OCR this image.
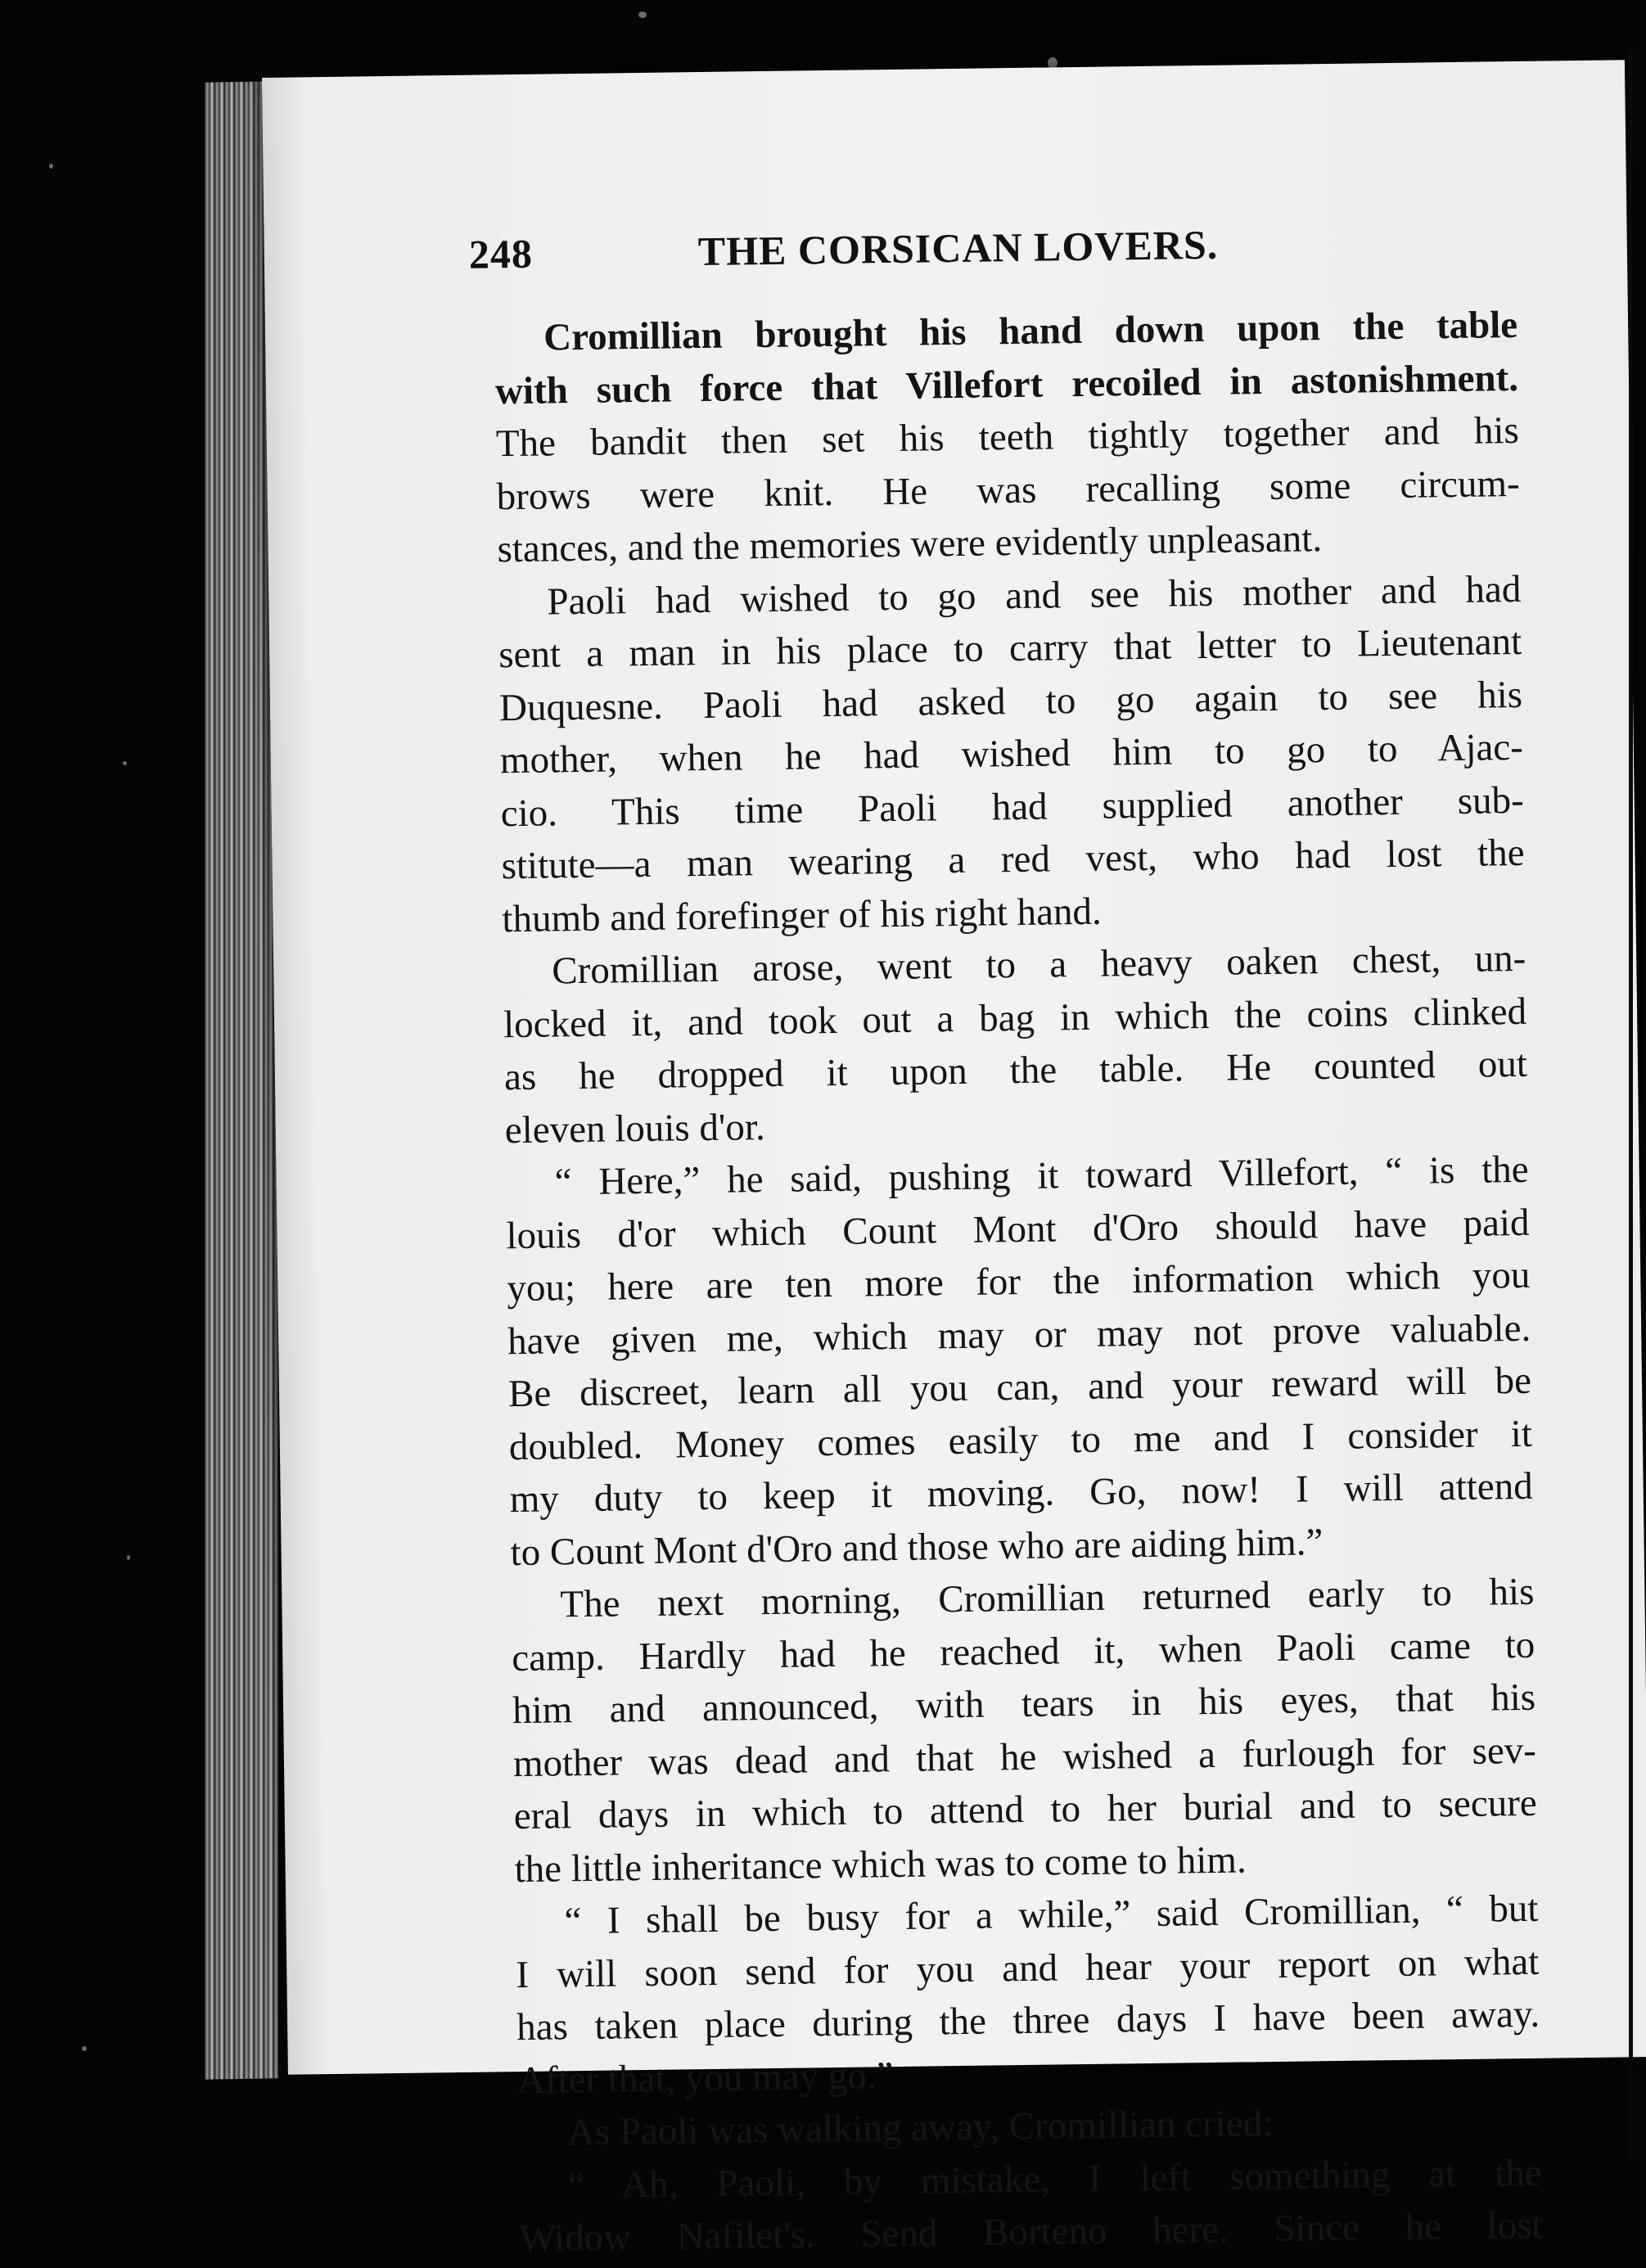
248	THE CORSICAN LOVERS.
Cromillian brought his hand down upon the table
with such force that Villefort recoiled in astonishment.
The bandit then set his teeth tightly together and his
brows were knit. He was recalling some circum-
stances, and the memories were evidently unpleasant.
Paoli had wished to go and see his mother and had
sent a man in his place to carry that letter to Lieutenant
Duquesne. Paoli had asked to go again to see his
mother, when he had wished him to go to Ajac-
cio. This time Paoli had supplied another sub-
stitute—a man wearing a red vest, who had lost the
thumb and forefinger of his right hand.
Cromillian arose, went to a heavy oaken chest, un-
locked it, and took out a bag in which the coins clinked
as he dropped it upon the table. He counted out
eleven louis d'or.
“ Here,” he said, pushing it toward Villefort, “ is the
louis d'or which Count Mont d'Oro should have paid
you; here are ten more for the information which you
have given me, which may or may not prove valuable.
Be discreet, learn all you can, and your reward will be
doubled. Money comes easily to me and I consider it
my duty to keep it moving. Go, now! I will attend
to Count Mont d'Oro and those who are aiding him.”
The next morning, Cromillian returned early to his
camp. Hardly had he reached it, when Paoli came to
him and announced, with tears in his eyes, that his
mother was dead and that he wished a furlough for sev-
eral days in which to attend to her burial and to secure
the little inheritance which was to come to him.
“ I shall be busy for a while,” said Cromillian, “ but
I will soon send for you and hear your report on what
has taken place during the three days I have been away.
After that, you may go.”
As Paoli was walking away, Cromillian cried:
“ Ah, Paoli, by mistake, I left something at the
Widow Nafilet's. Send Borteno here. Since he lost
